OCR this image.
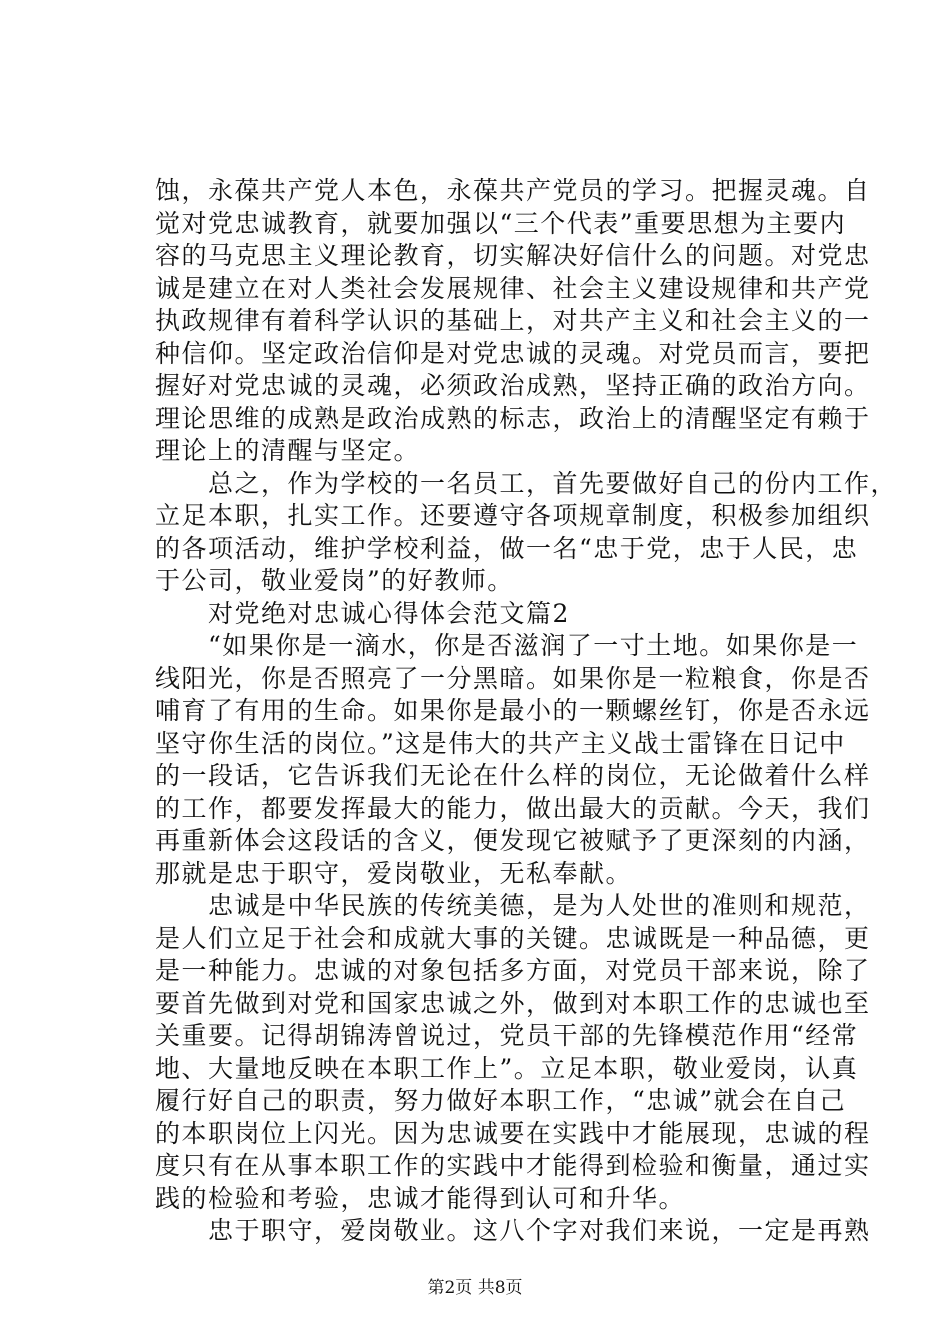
蚀，永葆共产党人本色，永葆共产党员的学习。把握灵魂。自
觉对党忠诚教育，就要加强以“三个代表”重要思想为主要内
容的马克思主义理论教育，切实解决好信什么的问题。对党忠
诚是建立在对人类社会发展规律、社会主义建设规律和共产党
执政规律有着科学认识的基础上，对共产主义和社会主义的一
种信仰。坚定政治信仰是对党忠诚的灵魂。对党员而言，要把
握好对党忠诚的灵魂，必须政治成熟，坚持正确的政治方向。
理论思维的成熟是政治成熟的标志，政治上的清醒坚定有赖于
理论上的清醒与坚定。
　　总之，作为学校的一名员工，首先要做好自己的份内工作，
立足本职，扎实工作。还要遵守各项规章制度，积极参加组织
的各项活动，维护学校利益，做一名“忠于党，忠于人民，忠
于公司，敬业爱岗”的好教师。
　　对党绝对忠诚心得体会范文篇2
　　“如果你是一滴水，你是否滋润了一寸土地。如果你是一
线阳光，你是否照亮了一分黑暗。如果你是一粒粮食，你是否
哺育了有用的生命。如果你是最小的一颗螺丝钉，你是否永远
坚守你生活的岗位。”这是伟大的共产主义战士雷锋在日记中
的一段话，它告诉我们无论在什么样的岗位，无论做着什么样
的工作，都要发挥最大的能力，做出最大的贡献。今天，我们
再重新体会这段话的含义，便发现它被赋予了更深刻的内涵，
那就是忠于职守，爱岗敬业，无私奉献。
　　忠诚是中华民族的传统美德，是为人处世的准则和规范，
是人们立足于社会和成就大事的关键。忠诚既是一种品德，更
是一种能力。忠诚的对象包括多方面，对党员干部来说，除了
要首先做到对党和国家忠诚之外，做到对本职工作的忠诚也至
关重要。记得胡锦涛曾说过，党员干部的先锋模范作用“经常
地、大量地反映在本职工作上”。立足本职，敬业爱岗，认真
履行好自己的职责，努力做好本职工作，“忠诚”就会在自己
的本职岗位上闪光。因为忠诚要在实践中才能展现，忠诚的程
度只有在从事本职工作的实践中才能得到检验和衡量，通过实
践的检验和考验，忠诚才能得到认可和升华。
　　忠于职守，爱岗敬业。这八个字对我们来说，一定是再熟
第2页 共8页
